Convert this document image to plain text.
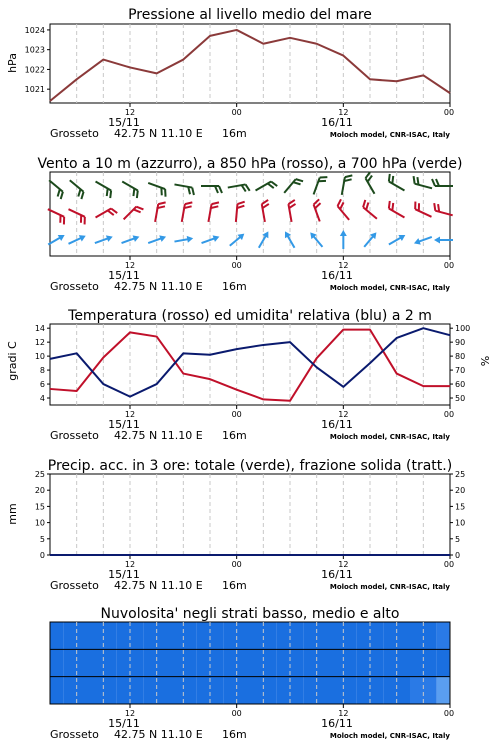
Pressione al livello medio del mare
Vento a 10 m (azzurro), a 850 hPa (rosso), a 700 hPa (verde)
Temperatura (rosso) ed umidita' relativa (blu) a 2 m
Precip. acc. in 3 ore: totale (verde), frazione solida (tratt.)
Nuvolosita' negli strati basso, medio e alto
hPa
gradi C	%
mm
12	00	12	00
15/11	16/11
Grosseto 42.75 N 11.10 E 16m	Moloch model, CNR-ISAC, Italy
1021
1022
1023
1024
12	00	12	00
15/11	16/11
Grosseto 42.75 N 11.10 E 16m	Moloch model, CNR-ISAC, Italy
12	00	12	00
15/11	16/11
Grosseto 42.75 N 11.10 E 16m	Moloch model, CNR-ISAC, Italy
4
6
8
10
12
14
50
60
70
80
90
100
12	00	12	00
15/11	16/11
Grosseto 42.75 N 11.10 E 16m	Moloch model, CNR-ISAC, Italy
0
5
10
15
20
25
0
5
10
15
20
25
12	00	12	00
15/11	16/11
Grosseto 42.75 N 11.10 E 16m	Moloch model, CNR-ISAC, Italy
